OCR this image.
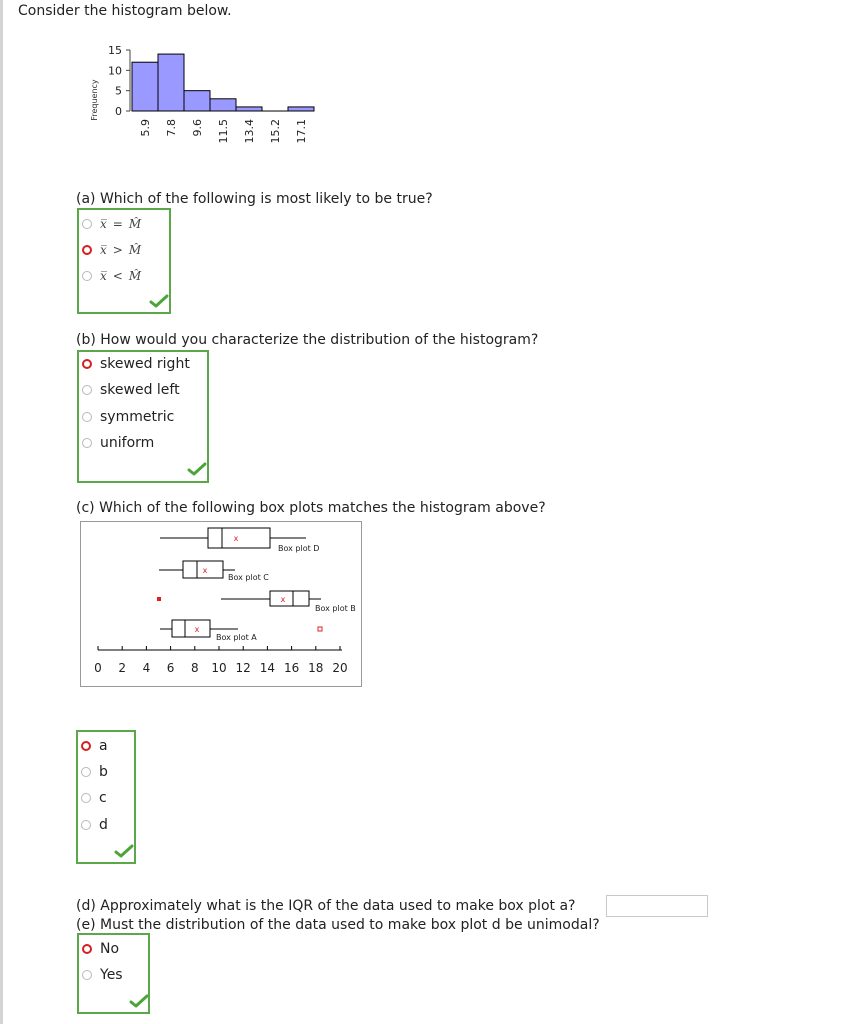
Consider the histogram below.
Frequency
15
10
5
0
5.9 7.8 9.6 11.5 13.4 15.2 17.1
(a) Which of the following is most likely to be true?
x̅ = M̂
x̅ > M̂
x̅ < M̂
(b) How would you characterize the distribution of the histogram?
skewed right
skewed left
symmetric
uniform
(c) Which of the following box plots matches the histogram above?
x
Box plot D
x
Box plot C
x
Box plot B
x
Box plot A
0 2 4 6 8 10 12 14 16 18 20
a
b
c
d
(d) Approximately what is the IQR of the data used to make box plot a?
(e) Must the distribution of the data used to make box plot d be unimodal?
No
Yes
